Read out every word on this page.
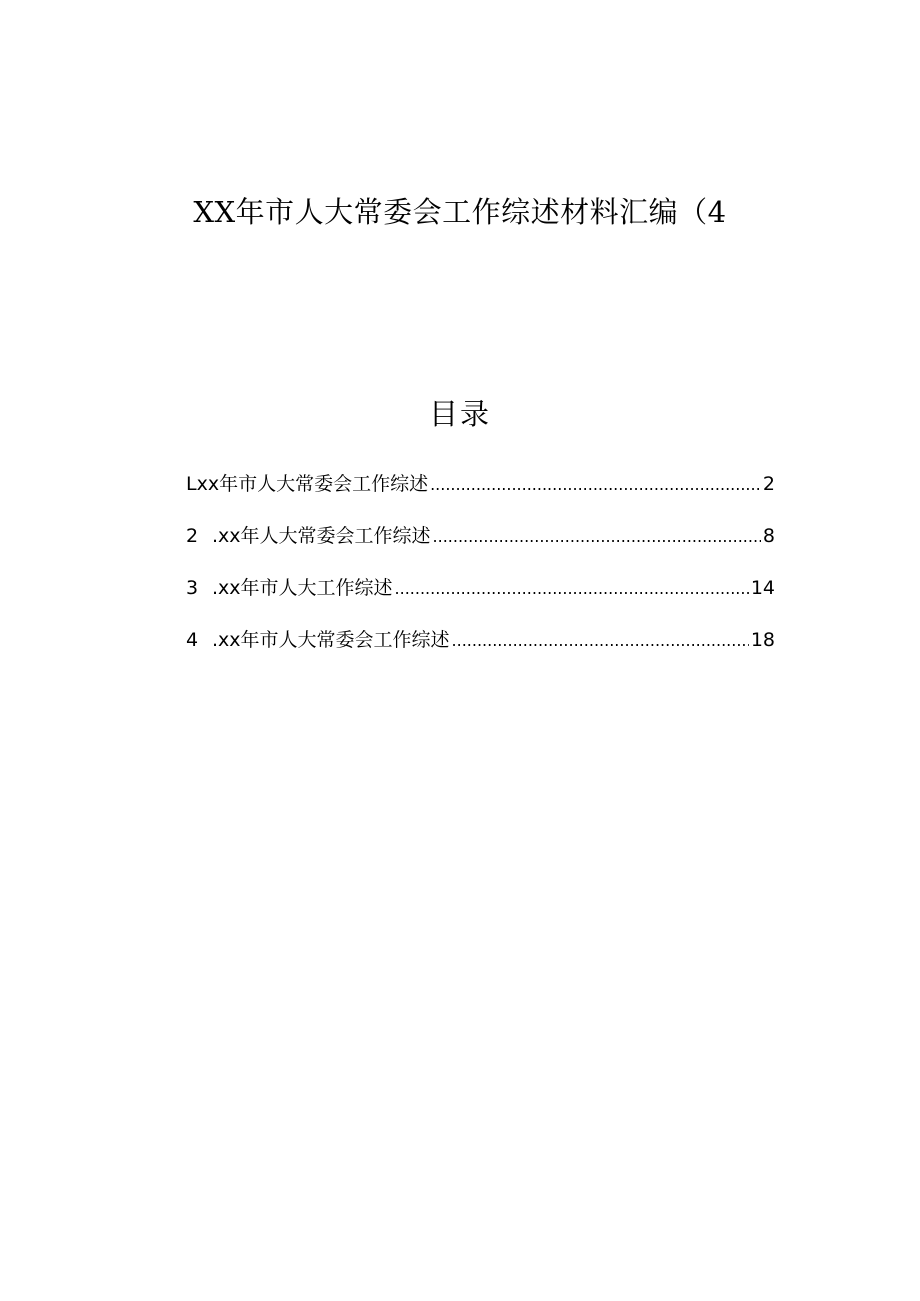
XX年市人大常委会工作综述材料汇编（4
目录
Lxx年市人大常委会工作综述 .....	2
2 .xx年人大常委会工作综述 .....	8
3 .xx年市人大工作综述 .....	14
4 .xx年市人大常委会工作综述 .....	18
